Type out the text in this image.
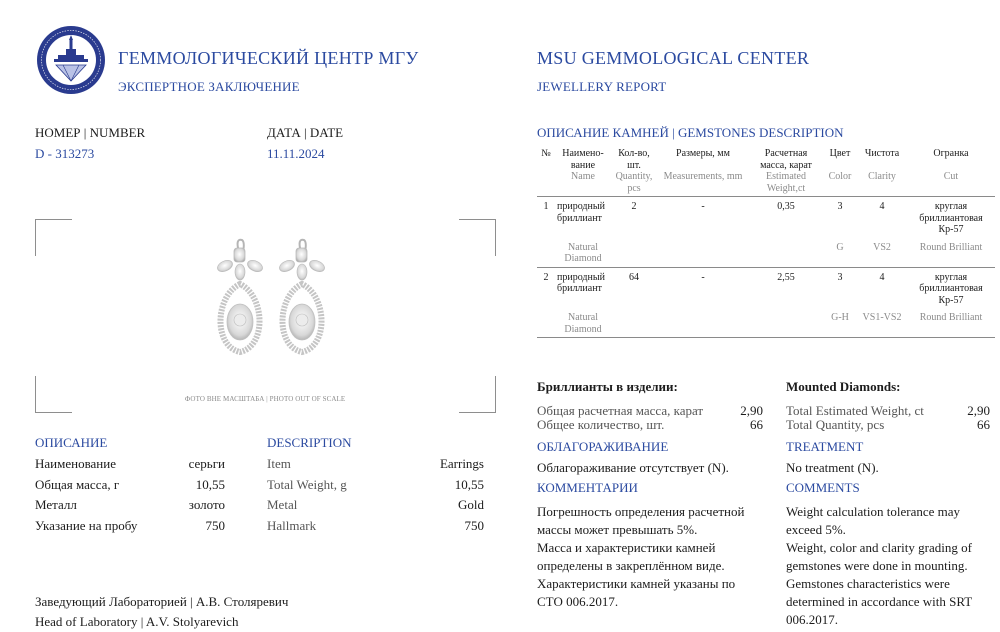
ГЕММОЛОГИЧЕСКИЙ ЦЕНТР МГУ
ЭКСПЕРТНОЕ ЗАКЛЮЧЕНИЕ
MSU GEMMOLOGICAL CENTER
JEWELLERY REPORT
НОМЕР | NUMBER
D - 313273
ДАТА | DATE
11.11.2024
ФОТО ВНЕ МАСШТАБА | PHOTO OUT OF SCALE
ОПИСАНИЕ	DESCRIPTION
Наименование	серьги	Item	Earrings
Общая масса, г	10,55	Total Weight, g	10,55
Металл	золото	Metal	Gold
Указание на пробу	750	Hallmark	750
Заведующий Лабораторией | А.В. Столяревич
Head of Laboratory | A.V. Stolyarevich
ОПИСАНИЕ КАМНЕЙ | GEMSTONES DESCRIPTION
№	Наимено-вание	Кол-во, шт.	Размеры, мм	Расчетная масса, карат	Цвет	Чистота	Огранка
	Name	Quantity, pcs	Measurements, mm	Estimated Weight,ct	Color	Clarity	Cut
1	природный бриллиант	2	-	0,35	3	4	круглая бриллиантовая Кр-57
	Natural Diamond				G	VS2	Round Brilliant
2	природный бриллиант	64	-	2,55	3	4	круглая бриллиантовая Кр-57
	Natural Diamond				G-H	VS1-VS2	Round Brilliant
Бриллианты в изделии:	Mounted Diamonds:
Общая расчетная масса, карат	2,90
Общее количество, шт.	66
Total Estimated Weight, ct	2,90
Total Quantity, pcs	66
ОБЛАГОРАЖИВАНИЕ	TREATMENT
Облагораживание отсутствует (N).	No treatment (N).
КОММЕНТАРИИ	COMMENTS
Погрешность определения расчетной
массы может превышать 5%.
Масса и характеристики камней
определены в закреплённом виде.
Характеристики камней указаны по
СТО 006.2017.
Weight calculation tolerance may
exceed 5%.
Weight, color and clarity grading of
gemstones were done in mounting.
Gemstones characteristics were
determined in accordance with SRT
006.2017.
